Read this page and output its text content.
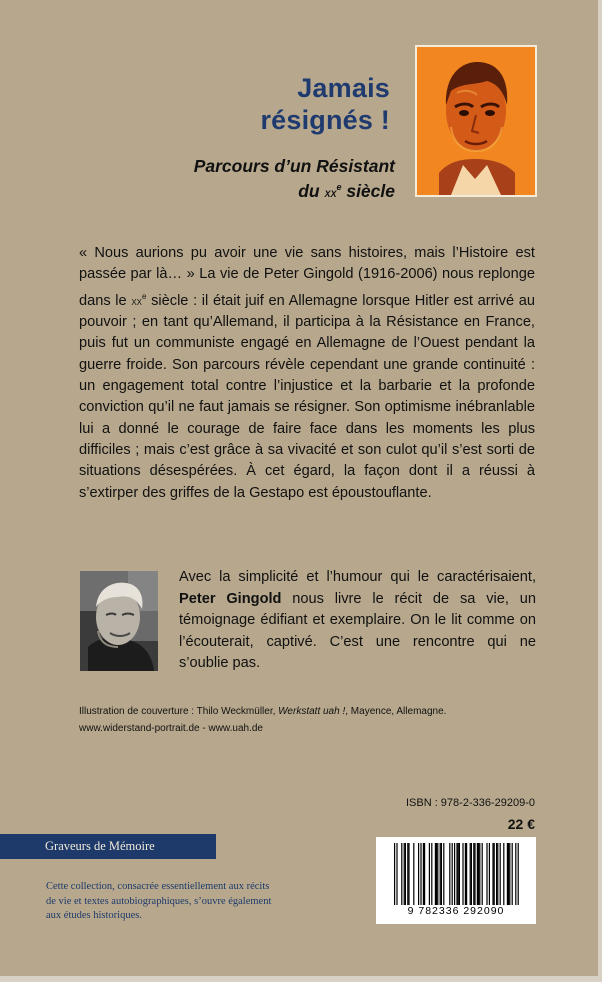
Jamais
résignés !
Parcours d’un Résistant
du $xx^e$ siècle

« Nous aurions pu avoir une vie sans histoires, mais l’Histoire est passée par là… » La vie de Peter Gingold (1916-2006) nous replonge dans le $xx^e$ siècle : il était juif en Allemagne lorsque Hitler est arrivé au pouvoir ; en tant qu’Allemand, il participa à la Résistance en France, puis fut un communiste engagé en Allemagne de l’Ouest pendant la guerre froide. Son parcours révèle cependant une grande continuité : un engagement total contre l’injustice et la barbarie et la profonde conviction qu’il ne faut jamais se résigner. Son optimisme inébranlable lui a donné le courage de faire face dans les moments les plus difficiles ; mais c’est grâce à sa vivacité et son culot qu’il s’est sorti de situations désespérées. À cet égard, la façon dont il a réussi à s’extirper des griffes de la Gestapo est époustouflante.

Avec la simplicité et l’humour qui le caractérisaient, Peter Gingold nous livre le récit de sa vie, un témoignage édifiant et exemplaire. On le lit comme on l’écouterait, captivé. C’est une rencontre qui ne s’oublie pas.

Illustration de couverture : Thilo Weckmüller, Werkstatt uah !, Mayence, Allemagne.
www.widerstand-portrait.de - www.uah.de
ISBN : 978-2-336-29209-0
22 €
Graveurs de Mémoire
Cette collection, consacrée essentiellement aux récits
de vie et textes autobiographiques, s’ouvre également
aux études historiques.	9 782336 292090
